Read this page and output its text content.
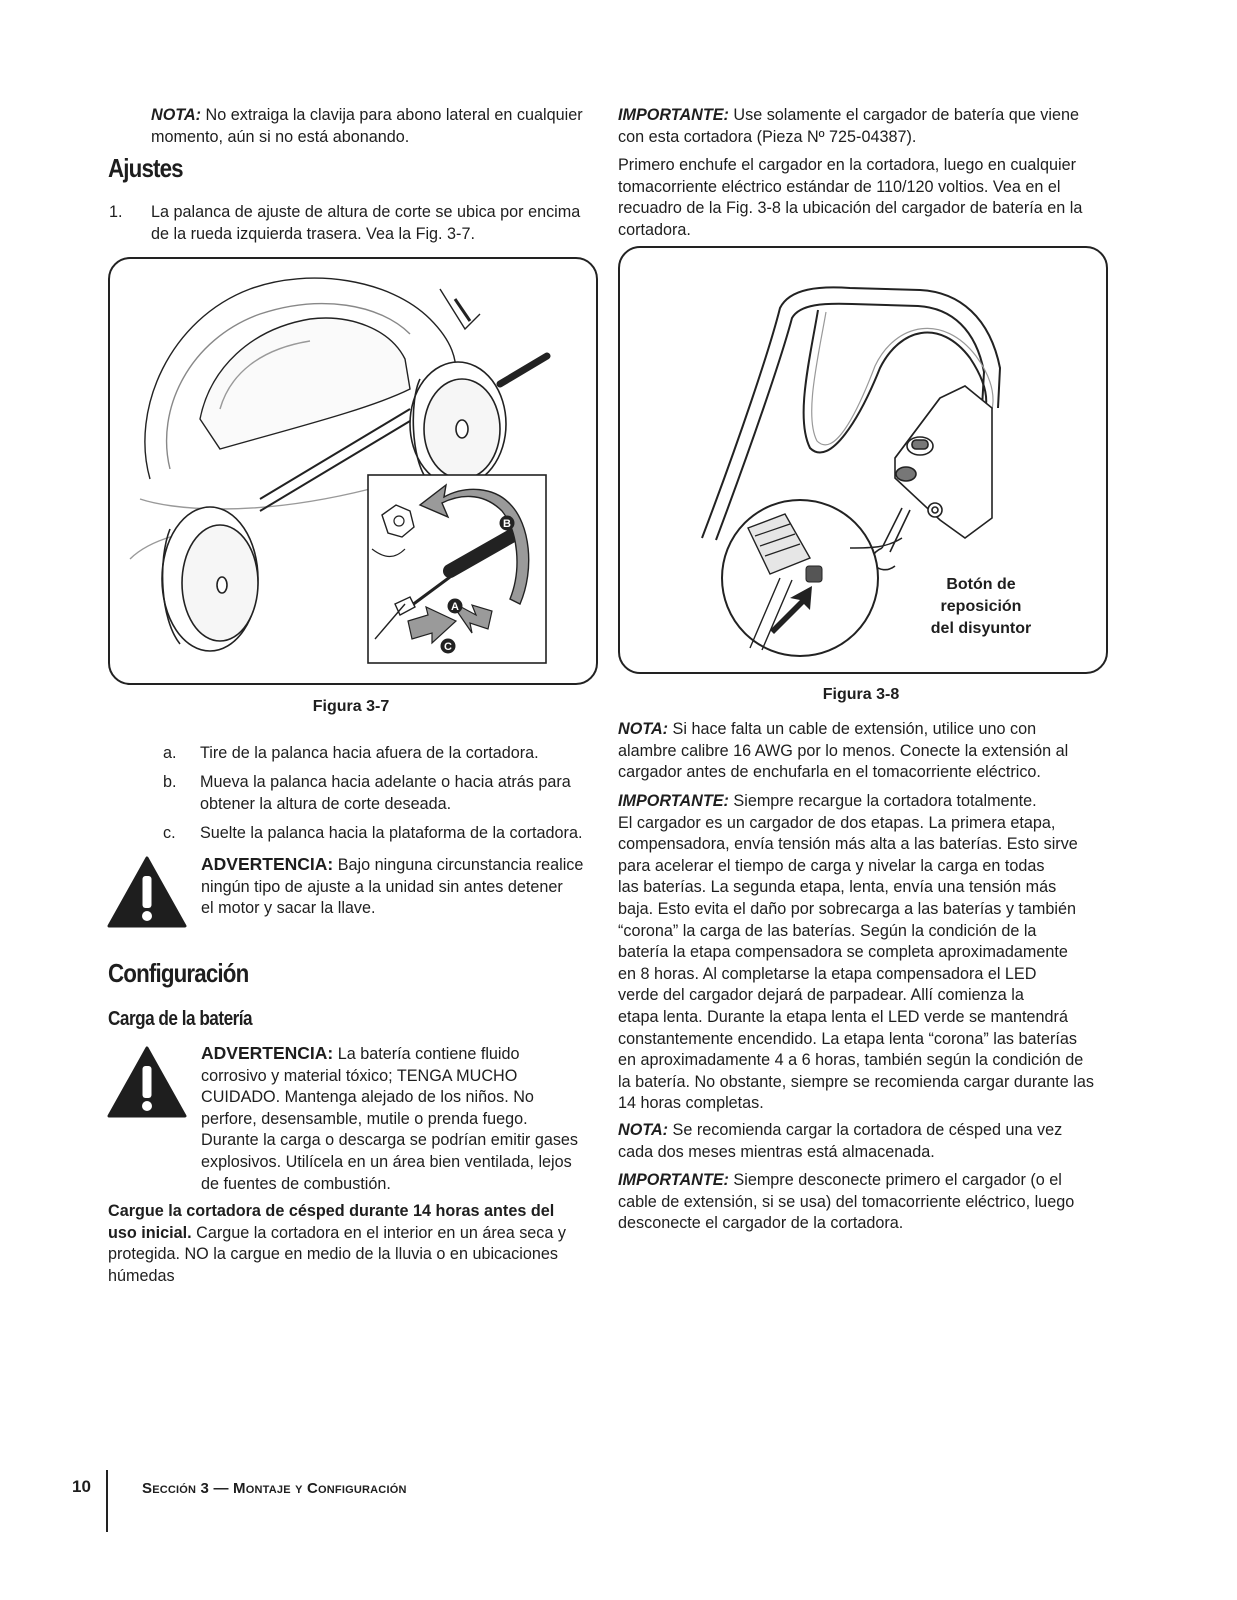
NOTA: No extraiga la clavija para abono lateral en cualquier

momento, aún si no está abonando.

Ajustes
1. La palanca de ajuste de altura de corte se ubica por encima

de la rueda izquierda trasera. Vea la Fig. 3-7.

A
B
C
Figura 3-7
a. Tire de la palanca hacia afuera de la cortadora.

b. Mueva la palanca hacia adelante o hacia atrás para

obtener la altura de corte deseada.

c. Suelte la palanca hacia la plataforma de la cortadora.

ADVERTENCIA: Bajo ninguna circunstancia realice

ningún tipo de ajuste a la unidad sin antes detener

el motor y sacar la llave.

Configuración
Carga de la batería

ADVERTENCIA: La batería contiene fluido

corrosivo y material tóxico; TENGA MUCHO

CUIDADO. Mantenga alejado de los niños. No

perfore, desensamble, mutile o prenda fuego.

Durante la carga o descarga se podrían emitir gases

explosivos. Utilícela en un área bien ventilada, lejos

de fuentes de combustión.

Cargue la cortadora de césped durante 14 horas antes del

uso inicial. Cargue la cortadora en el interior en un área seca y

protegida. NO la cargue en medio de la lluvia o en ubicaciones

húmedas

IMPORTANTE: Use solamente el cargador de batería que viene

con esta cortadora (Pieza Nº 725-04387).

Primero enchufe el cargador en la cortadora, luego en cualquier

tomacorriente eléctrico estándar de 110/120 voltios. Vea en el

recuadro de la Fig. 3-8 la ubicación del cargador de batería en la

cortadora.

Botón de

reposición

del disyuntor

Figura 3-8

NOTA: Si hace falta un cable de extensión, utilice uno con

alambre calibre 16 AWG por lo menos. Conecte la extensión al

cargador antes de enchufarla en el tomacorriente eléctrico.

IMPORTANTE: Siempre recargue la cortadora totalmente.

El cargador es un cargador de dos etapas. La primera etapa,

compensadora, envía tensión más alta a las baterías. Esto sirve

para acelerar el tiempo de carga y nivelar la carga en todas

las baterías. La segunda etapa, lenta, envía una tensión más

baja. Esto evita el daño por sobrecarga a las baterías y también

“corona” la carga de las baterías. Según la condición de la

batería la etapa compensadora se completa aproximadamente

en 8 horas. Al completarse la etapa compensadora el LED

verde del cargador dejará de parpadear. Allí comienza la

etapa lenta. Durante la etapa lenta el LED verde se mantendrá

constantemente encendido. La etapa lenta “corona” las baterías

en aproximadamente 4 a 6 horas, también según la condición de

la batería. No obstante, siempre se recomienda cargar durante las

14 horas completas.

NOTA: Se recomienda cargar la cortadora de césped una vez

cada dos meses mientras está almacenada.

IMPORTANTE: Siempre desconecte primero el cargador (o el

cable de extensión, si se usa) del tomacorriente eléctrico, luego

desconecte el cargador de la cortadora.

10	Sección 3 — Montaje y Configuración
